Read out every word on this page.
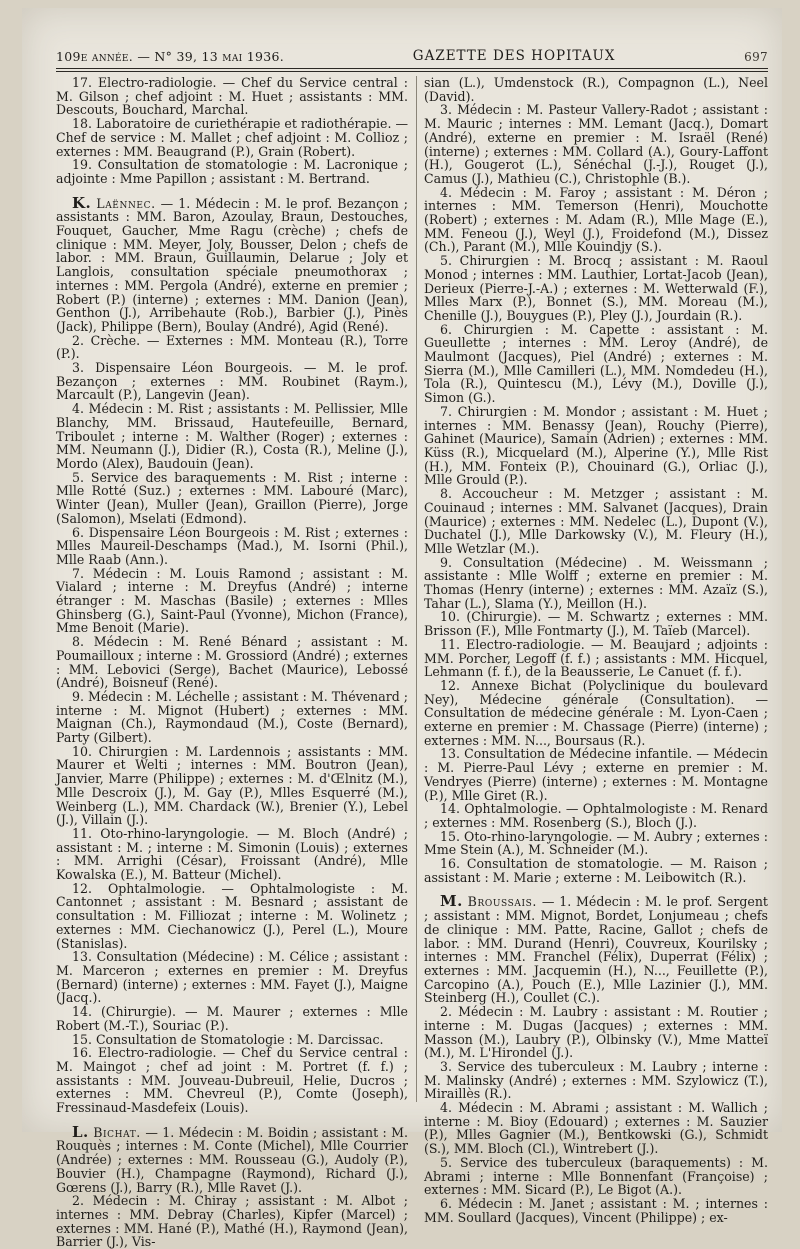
109e année. — N° 39, 13 mai 1936.	GAZETTE DES HOPITAUX	697

17. Electro-radiologie. — Chef du Service central : M. Gilson ; chef adjoint : M. Huet ; assistants : MM. Descouts, Bouchard, Marchal.

18. Laboratoire de curiethérapie et radiothérapie. — Chef de service : M. Mallet ; chef adjoint : M. Collioz ; externes : MM. Beaugrand (P.), Grain (Robert).

19. Consultation de stomatologie : M. Lacronique ; adjointe : Mme Papillon ; assistant : M. Bertrand.

K. Laënnec. — 1. Médecin : M. le prof. Bezançon ; assistants : MM. Baron, Azoulay, Braun, Destouches, Fouquet, Gaucher, Mme Ragu (crèche) ; chefs de clinique : MM. Meyer, Joly, Bousser, Delon ; chefs de labor. : MM. Braun, Guillaumin, Delarue ; Joly et Langlois, consultation spéciale pneumothorax ; internes : MM. Pergola (André), externe en premier ; Robert (P.) (interne) ; externes : MM. Danion (Jean), Genthon (J.), Arribehaute (Rob.), Barbier (J.), Pinès (Jack), Philippe (Bern), Boulay (André), Agid (René).

2. Crèche. — Externes : MM. Monteau (R.), Torre (P.).

3. Dispensaire Léon Bourgeois. — M. le prof. Bezançon ; externes : MM. Roubinet (Raym.), Marcault (P.), Langevin (Jean).

4. Médecin : M. Rist ; assistants : M. Pellissier, Mlle Blanchy, MM. Brissaud, Hautefeuille, Bernard, Triboulet ; interne : M. Walther (Roger) ; externes : MM. Neumann (J.), Didier (R.), Costa (R.), Meline (J.), Mordo (Alex), Baudouin (Jean).

5. Service des baraquements : M. Rist ; interne : Mlle Rotté (Suz.) ; externes : MM. Labouré (Marc), Winter (Jean), Muller (Jean), Graillon (Pierre), Jorge (Salomon), Mselati (Edmond).

6. Dispensaire Léon Bourgeois : M. Rist ; externes : Mlles Maureil-Deschamps (Mad.), M. Isorni (Phil.), Mlle Raab (Ann.).

7. Médecin : M. Louis Ramond ; assistant : M. Vialard ; interne : M. Dreyfus (André) ; interne étranger : M. Maschas (Basile) ; externes : Mlles Ghinsberg (G.), Saint-Paul (Yvonne), Michon (France), Mme Benoit (Marie).

8. Médecin : M. René Bénard ; assistant : M. Poumailloux ; interne : M. Grossiord (André) ; externes : MM. Lebovici (Serge), Bachet (Maurice), Lebossé (André), Boisneuf (René).

9. Médecin : M. Léchelle ; assistant : M. Thévenard ; interne : M. Mignot (Hubert) ; externes : MM. Maignan (Ch.), Raymondaud (M.), Coste (Bernard), Party (Gilbert).

10. Chirurgien : M. Lardennois ; assistants : MM. Maurer et Welti ; internes : MM. Boutron (Jean), Janvier, Marre (Philippe) ; externes : M. d'Œlnitz (M.), Mlle Descroix (J.), M. Gay (P.), Mlles Esquerré (M.), Weinberg (L.), MM. Chardack (W.), Brenier (Y.), Lebel (J.), Villain (J.).

11. Oto-rhino-laryngologie. — M. Bloch (André) ; assistant : M. ; interne : M. Simonin (Louis) ; externes : MM. Arrighi (César), Froissant (André), Mlle Kowalska (E.), M. Batteur (Michel).

12. Ophtalmologie. — Ophtalmologiste : M. Cantonnet ; assistant : M. Besnard ; assistant de consultation : M. Filliozat ; interne : M. Wolinetz ; externes : MM. Ciechanowicz (J.), Perel (L.), Moure (Stanislas).

13. Consultation (Médecine) : M. Célice ; assistant : M. Marceron ; externes en premier : M. Dreyfus (Bernard) (interne) ; externes : MM. Fayet (J.), Maigne (Jacq.).

14. (Chirurgie). — M. Maurer ; externes : Mlle Robert (M.-T.), Souriac (P.).

15. Consultation de Stomatologie : M. Darcissac.

16. Electro-radiologie. — Chef du Service central : M. Maingot ; chef ad joint : M. Portret (f. f.) ; assistants : MM. Jouveau-Dubreuil, Helie, Ducros ; externes : MM. Chevreul (P.), Comte (Joseph), Fressinaud-Masdefeix (Louis).

L. Bichat. — 1. Médecin : M. Boidin ; assistant : M. Rouquès ; internes : M. Conte (Michel), Mlle Courrier (Andrée) ; externes : MM. Rousseau (G.), Audoly (P.), Bouvier (H.), Champagne (Raymond), Richard (J.), Gœrens (J.), Barry (R.), Mlle Ravet (J.).

2. Médecin : M. Chiray ; assistant : M. Albot ; internes : MM. Debray (Charles), Kipfer (Marcel) ; externes : MM. Hané (P.), Mathé (H.), Raymond (Jean), Barrier (J.), Vis-

sian (L.), Umdenstock (R.), Compagnon (L.), Neel (David).

3. Médecin : M. Pasteur Vallery-Radot ; assistant : M. Mauric ; internes : MM. Lemant (Jacq.), Domart (André), externe en premier : M. Israël (René) (interne) ; externes : MM. Collard (A.), Goury-Laffont (H.), Gougerot (L.), Sénéchal (J.-J.), Rouget (J.), Camus (J.), Mathieu (C.), Christophle (B.).

4. Médecin : M. Faroy ; assistant : M. Déron ; internes : MM. Temerson (Henri), Mouchotte (Robert) ; externes : M. Adam (R.), Mlle Mage (E.), MM. Feneou (J.), Weyl (J.), Froidefond (M.), Dissez (Ch.), Parant (M.), Mlle Kouindjy (S.).

5. Chirurgien : M. Brocq ; assistant : M. Raoul Monod ; internes : MM. Lauthier, Lortat-Jacob (Jean), Derieux (Pierre-J.-A.) ; externes : M. Wetterwald (F.), Mlles Marx (P.), Bonnet (S.), MM. Moreau (M.), Chenille (J.), Bouygues (P.), Pley (J.), Jourdain (R.).

6. Chirurgien : M. Capette : assistant : M. Gueullette ; internes : MM. Leroy (André), de Maulmont (Jacques), Piel (André) ; externes : M. Sierra (M.), Mlle Camilleri (L.), MM. Nomdedeu (H.), Tola (R.), Quintescu (M.), Lévy (M.), Doville (J.), Simon (G.).

7. Chirurgien : M. Mondor ; assistant : M. Huet ; internes : MM. Benassy (Jean), Rouchy (Pierre), Gahinet (Maurice), Samain (Adrien) ; externes : MM. Küss (R.), Micquelard (M.), Alperine (Y.), Mlle Rist (H.), MM. Fonteix (P.), Chouinard (G.), Orliac (J.), Mlle Grould (P.).

8. Accoucheur : M. Metzger ; assistant : M. Couinaud ; internes : MM. Salvanet (Jacques), Drain (Maurice) ; externes : MM. Nedelec (L.), Dupont (V.), Duchatel (J.), Mlle Darkowsky (V.), M. Fleury (H.), Mlle Wetzlar (M.).

9. Consultation (Médecine) . M. Weissmann ; assistante : Mlle Wolff ; externe en premier : M. Thomas (Henry (interne) ; externes : MM. Azaïz (S.), Tahar (L.), Slama (Y.), Meillon (H.).

10. (Chirurgie). — M. Schwartz ; externes : MM. Brisson (F.), Mlle Fontmarty (J.), M. Taïeb (Marcel).

11. Electro-radiologie. — M. Beaujard ; adjoints : MM. Porcher, Legoff (f. f.) ; assistants : MM. Hicquel, Lehmann (f. f.), de la Beausserie, Le Canuet (f. f.).

12. Annexe Bichat (Polyclinique du boulevard Ney), Médecine générale (Consultation). — Consultation de médecine générale : M. Lyon-Caen ; externe en premier : M. Chassage (Pierre) (interne) ; externes : MM. N..., Boursaus (R.).

13. Consultation de Médecine infantile. — Médecin : M. Pierre-Paul Lévy ; externe en premier : M. Vendryes (Pierre) (interne) ; externes : M. Montagne (P.), Mlle Giret (R.).

14. Ophtalmologie. — Ophtalmologiste : M. Renard ; externes : MM. Rosenberg (S.), Bloch (J.).

15. Oto-rhino-laryngologie. — M. Aubry ; externes : Mme Stein (A.), M. Schneider (M.).

16. Consultation de stomatologie. — M. Raison ; assistant : M. Marie ; externe : M. Leibowitch (R.).

M. Broussais. — 1. Médecin : M. le prof. Sergent ; assistant : MM. Mignot, Bordet, Lonjumeau ; chefs de clinique : MM. Patte, Racine, Gallot ; chefs de labor. : MM. Durand (Henri), Couvreux, Kourilsky ; internes : MM. Franchel (Félix), Duperrat (Félix) ; externes : MM. Jacquemin (H.), N..., Feuillette (P.), Carcopino (A.), Pouch (E.), Mlle Lazinier (J.), MM. Steinberg (H.), Coullet (C.).

2. Médecin : M. Laubry : assistant : M. Routier ; interne : M. Dugas (Jacques) ; externes : MM. Masson (M.), Laubry (P.), Olbinsky (V.), Mme Matteï (M.), M. L'Hirondel (J.).

3. Service des tuberculeux : M. Laubry ; interne : M. Malinsky (André) ; externes : MM. Szylowicz (T.), Miraillès (R.).

4. Médecin : M. Abrami ; assistant : M. Wallich ; interne : M. Bioy (Edouard) ; externes : M. Sauzier (P.), Mlles Gagnier (M.), Bentkowski (G.), Schmidt (S.), MM. Bloch (Cl.), Wintrebert (J.).

5. Service des tuberculeux (baraquements) : M. Abrami ; interne : Mlle Bonnenfant (Françoise) ; externes : MM. Sicard (P.), Le Bigot (A.).

6. Médecin : M. Janet ; assistant : M. ; internes : MM. Soullard (Jacques), Vincent (Philippe) ; ex-
